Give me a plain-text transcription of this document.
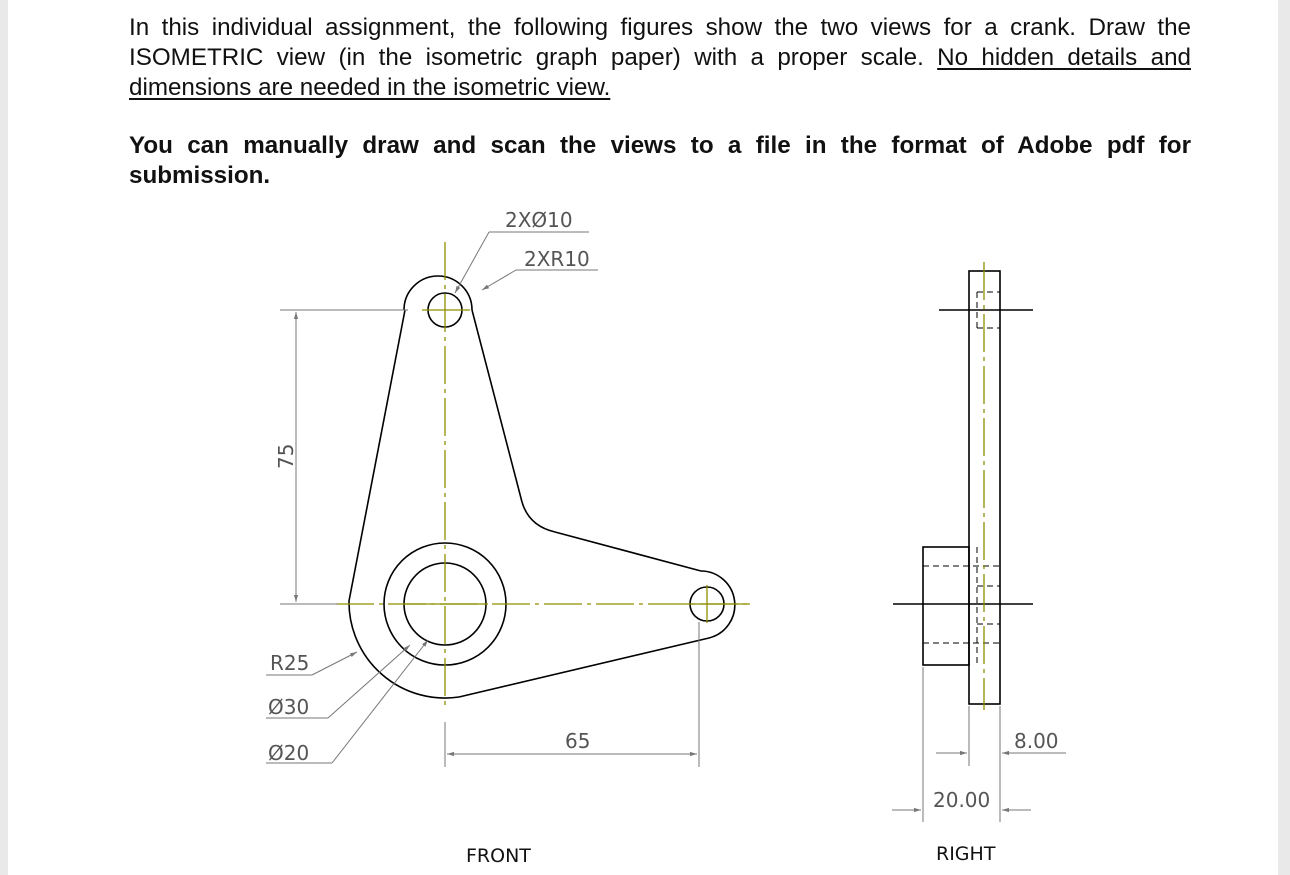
In this individual assignment, the following figures show the two views for a crank. Draw the
ISOMETRIC view (in the isometric graph paper) with a proper scale. No hidden details and
dimensions are needed in the isometric view.
You can manually draw and scan the views to a file in the format of Adobe pdf for
submission.
2XØ10
2XR10
75
R25
Ø30
Ø20	65
FRONT
8.00
20.00
RIGHT
